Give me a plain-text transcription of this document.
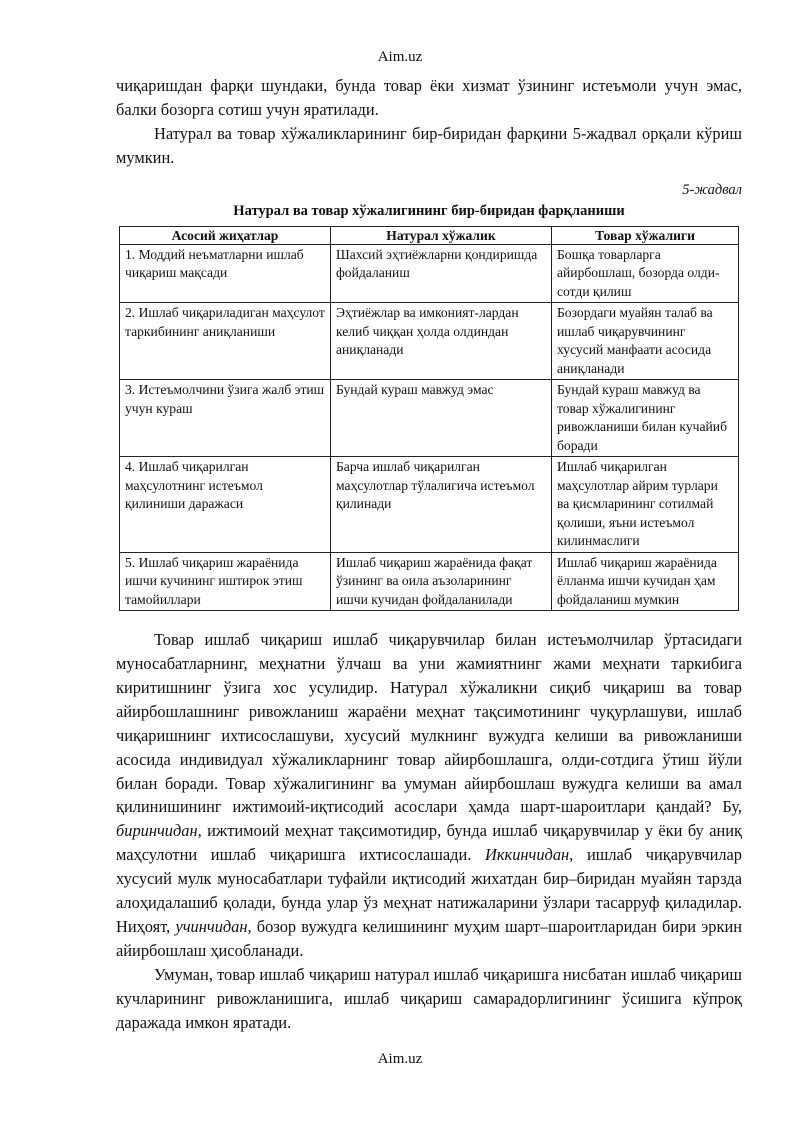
Aim.uz

чиқаришдан фарқи шундаки, бунда товар ёки хизмат ўзининг истеъмоли учун эмас, балки бозорга сотиш учун яратилади.

Натурал ва товар хўжаликларининг бир-биридан фарқини 5-жадвал орқали кўриш мумкин.

5-жадвал
Натурал ва товар хўжалигининг бир-биридан фарқланиши
Асосий жиҳатлар	Натурал хўжалик	Товар хўжалиги
1. Моддий неъматларни ишлаб чиқариш мақсади	Шахсий эҳтиёжларни қондиришда фойдаланиш	Бошқа товарларга айирбошлаш, бозорда олди-сотди қилиш
2. Ишлаб чиқариладиган маҳсулот таркибининг аниқланиши	Эҳтиёжлар ва имконият-лардан келиб чиққан ҳолда олдиндан аниқланади	Бозордаги муайян талаб ва ишлаб чиқарувчининг хусусий манфаати асосида аниқланади
3. Истеъмолчини ўзига жалб этиш учун кураш	Бундай кураш мавжуд эмас	Бундай кураш мавжуд ва товар хўжалигининг ривожланиши билан кучайиб боради
4. Ишлаб чиқарилган маҳсулотнинг истеъмол қилиниши даражаси	Барча ишлаб чиқарилган маҳсулотлар тўлалигича истеъмол қилинади	Ишлаб чиқарилган маҳсулотлар айрим турлари ва қисмларининг сотилмай қолиши, яъни истеъмол килинмаслиги
5. Ишлаб чиқариш жараёнида ишчи кучининг иштирок этиш тамойиллари	Ишлаб чиқариш жараёнида фақат ўзининг ва оила аъзоларининг ишчи кучидан фойдаланилади	Ишлаб чиқариш жараёнида ёлланма ишчи кучидан ҳам фойдаланиш мумкин

Товар ишлаб чиқариш ишлаб чиқарувчилар билан истеъмолчилар ўртасидаги муносабатларнинг, меҳнатни ўлчаш ва уни жамиятнинг жами меҳнати таркибига киритишнинг ўзига хос усулидир. Натурал хўжаликни сиқиб чиқариш ва товар айирбошлашнинг ривожланиш жараёни меҳнат тақсимотининг чуқурлашуви, ишлаб чиқаришнинг ихтисослашуви, хусусий мулкнинг вужудга келиши ва ривожланиши асосида индивидуал хўжаликларнинг товар айирбошлашга, олди-сотдига ўтиш йўли билан боради. Товар хўжалигининг ва умуман айирбошлаш вужудга келиши ва амал қилинишининг ижтимоий-иқтисодий асослари ҳамда шарт-шароитлари қандай? Бу, биринчидан, ижтимоий меҳнат тақсимотидир, бунда ишлаб чиқарувчилар у ёки бу аниқ маҳсулотни ишлаб чиқаришга ихтисослашади. Иккинчидан, ишлаб чиқарувчилар хусусий мулк муносабатлари туфайли иқтисодий жихатдан бир–биридан муайян тарзда алоҳидалашиб қолади, бунда улар ўз меҳнат натижаларини ўзлари тасарруф қиладилар. Ниҳоят, учинчидан, бозор вужудга келишининг муҳим шарт–шароитларидан бири эркин айирбошлаш ҳисобланади.

Умуман, товар ишлаб чиқариш натурал ишлаб чиқаришга нисбатан ишлаб чиқариш кучларининг ривожланишига, ишлаб чиқариш самарадорлигининг ўсишига кўпроқ даражада имкон яратади.

Aim.uz
